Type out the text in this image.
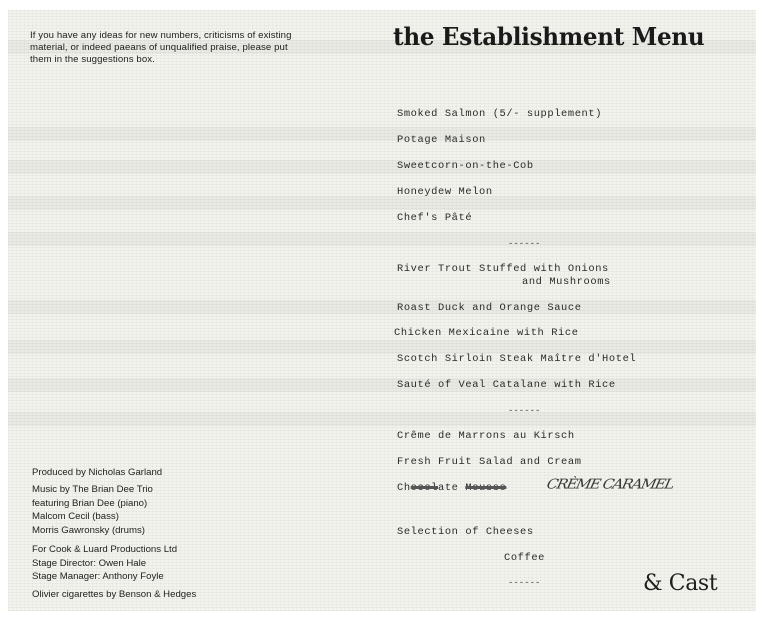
If you have any ideas for new numbers, criticisms of existing
material, or indeed paeans of unqualified praise, please put
them in the suggestions box.
the Establishment Menu

Smoked Salmon (5/- supplement)

Potage Maison

Sweetcorn-on-the-Cob

Honeydew Melon

Chef's Pâté

------

River Trout Stuffed with Onions

and Mushrooms

Roast Duck and Orange Sauce

Chicken Mexicaine with Rice

Scotch Sirloin Steak Maître d'Hotel

Sauté of Veal Catalane with Rice

------

Crême de Marrons au Kirsch

Fresh Fruit Salad and Cream

Chocolate Mousse

Selection of Cheeses

Coffee

------

CRÈME CARAMEL
Produced by Nicholas Garland
Music by The Brian Dee Trio
featuring Brian Dee (piano)
Malcom Cecil (bass)
Morris Gawronsky (drums)
For Cook & Luard Productions Ltd
Stage Director: Owen Hale
Stage Manager: Anthony Foyle
Olivier cigarettes by Benson & Hedges	& Cast
